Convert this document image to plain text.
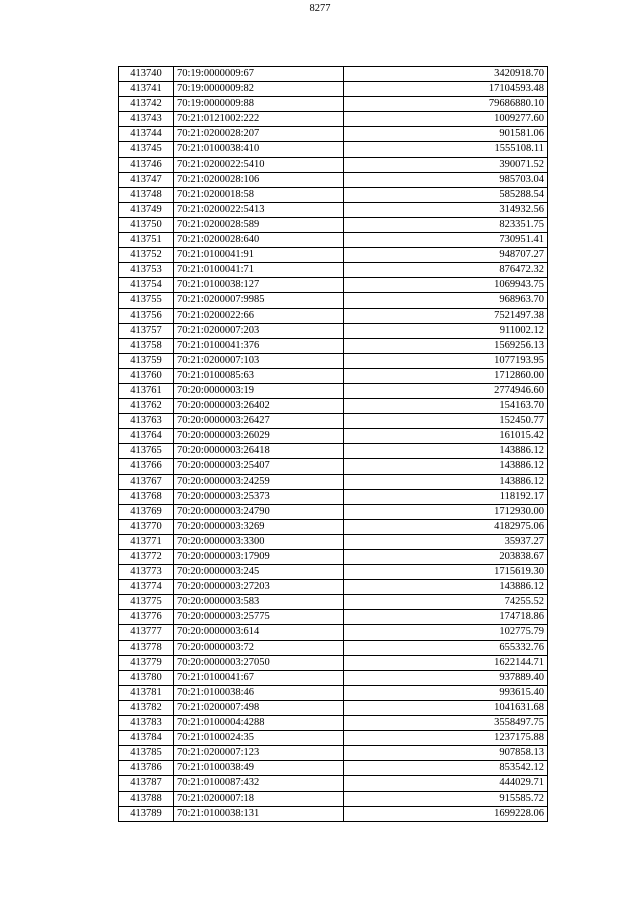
8277
413740	70:19:0000009:67	3420918.70
413741	70:19:0000009:82	17104593.48
413742	70:19:0000009:88	79686880.10
413743	70:21:0121002:222	1009277.60
413744	70:21:0200028:207	901581.06
413745	70:21:0100038:410	1555108.11
413746	70:21:0200022:5410	390071.52
413747	70:21:0200028:106	985703.04
413748	70:21:0200018:58	585288.54
413749	70:21:0200022:5413	314932.56
413750	70:21:0200028:589	823351.75
413751	70:21:0200028:640	730951.41
413752	70:21:0100041:91	948707.27
413753	70:21:0100041:71	876472.32
413754	70:21:0100038:127	1069943.75
413755	70:21:0200007:9985	968963.70
413756	70:21:0200022:66	7521497.38
413757	70:21:0200007:203	911002.12
413758	70:21:0100041:376	1569256.13
413759	70:21:0200007:103	1077193.95
413760	70:21:0100085:63	1712860.00
413761	70:20:0000003:19	2774946.60
413762	70:20:0000003:26402	154163.70
413763	70:20:0000003:26427	152450.77
413764	70:20:0000003:26029	161015.42
413765	70:20:0000003:26418	143886.12
413766	70:20:0000003:25407	143886.12
413767	70:20:0000003:24259	143886.12
413768	70:20:0000003:25373	118192.17
413769	70:20:0000003:24790	1712930.00
413770	70:20:0000003:3269	4182975.06
413771	70:20:0000003:3300	35937.27
413772	70:20:0000003:17909	203838.67
413773	70:20:0000003:245	1715619.30
413774	70:20:0000003:27203	143886.12
413775	70:20:0000003:583	74255.52
413776	70:20:0000003:25775	174718.86
413777	70:20:0000003:614	102775.79
413778	70:20:0000003:72	655332.76
413779	70:20:0000003:27050	1622144.71
413780	70:21:0100041:67	937889.40
413781	70:21:0100038:46	993615.40
413782	70:21:0200007:498	1041631.68
413783	70:21:0100004:4288	3558497.75
413784	70:21:0100024:35	1237175.88
413785	70:21:0200007:123	907858.13
413786	70:21:0100038:49	853542.12
413787	70:21:0100087:432	444029.71
413788	70:21:0200007:18	915585.72
413789	70:21:0100038:131	1699228.06
